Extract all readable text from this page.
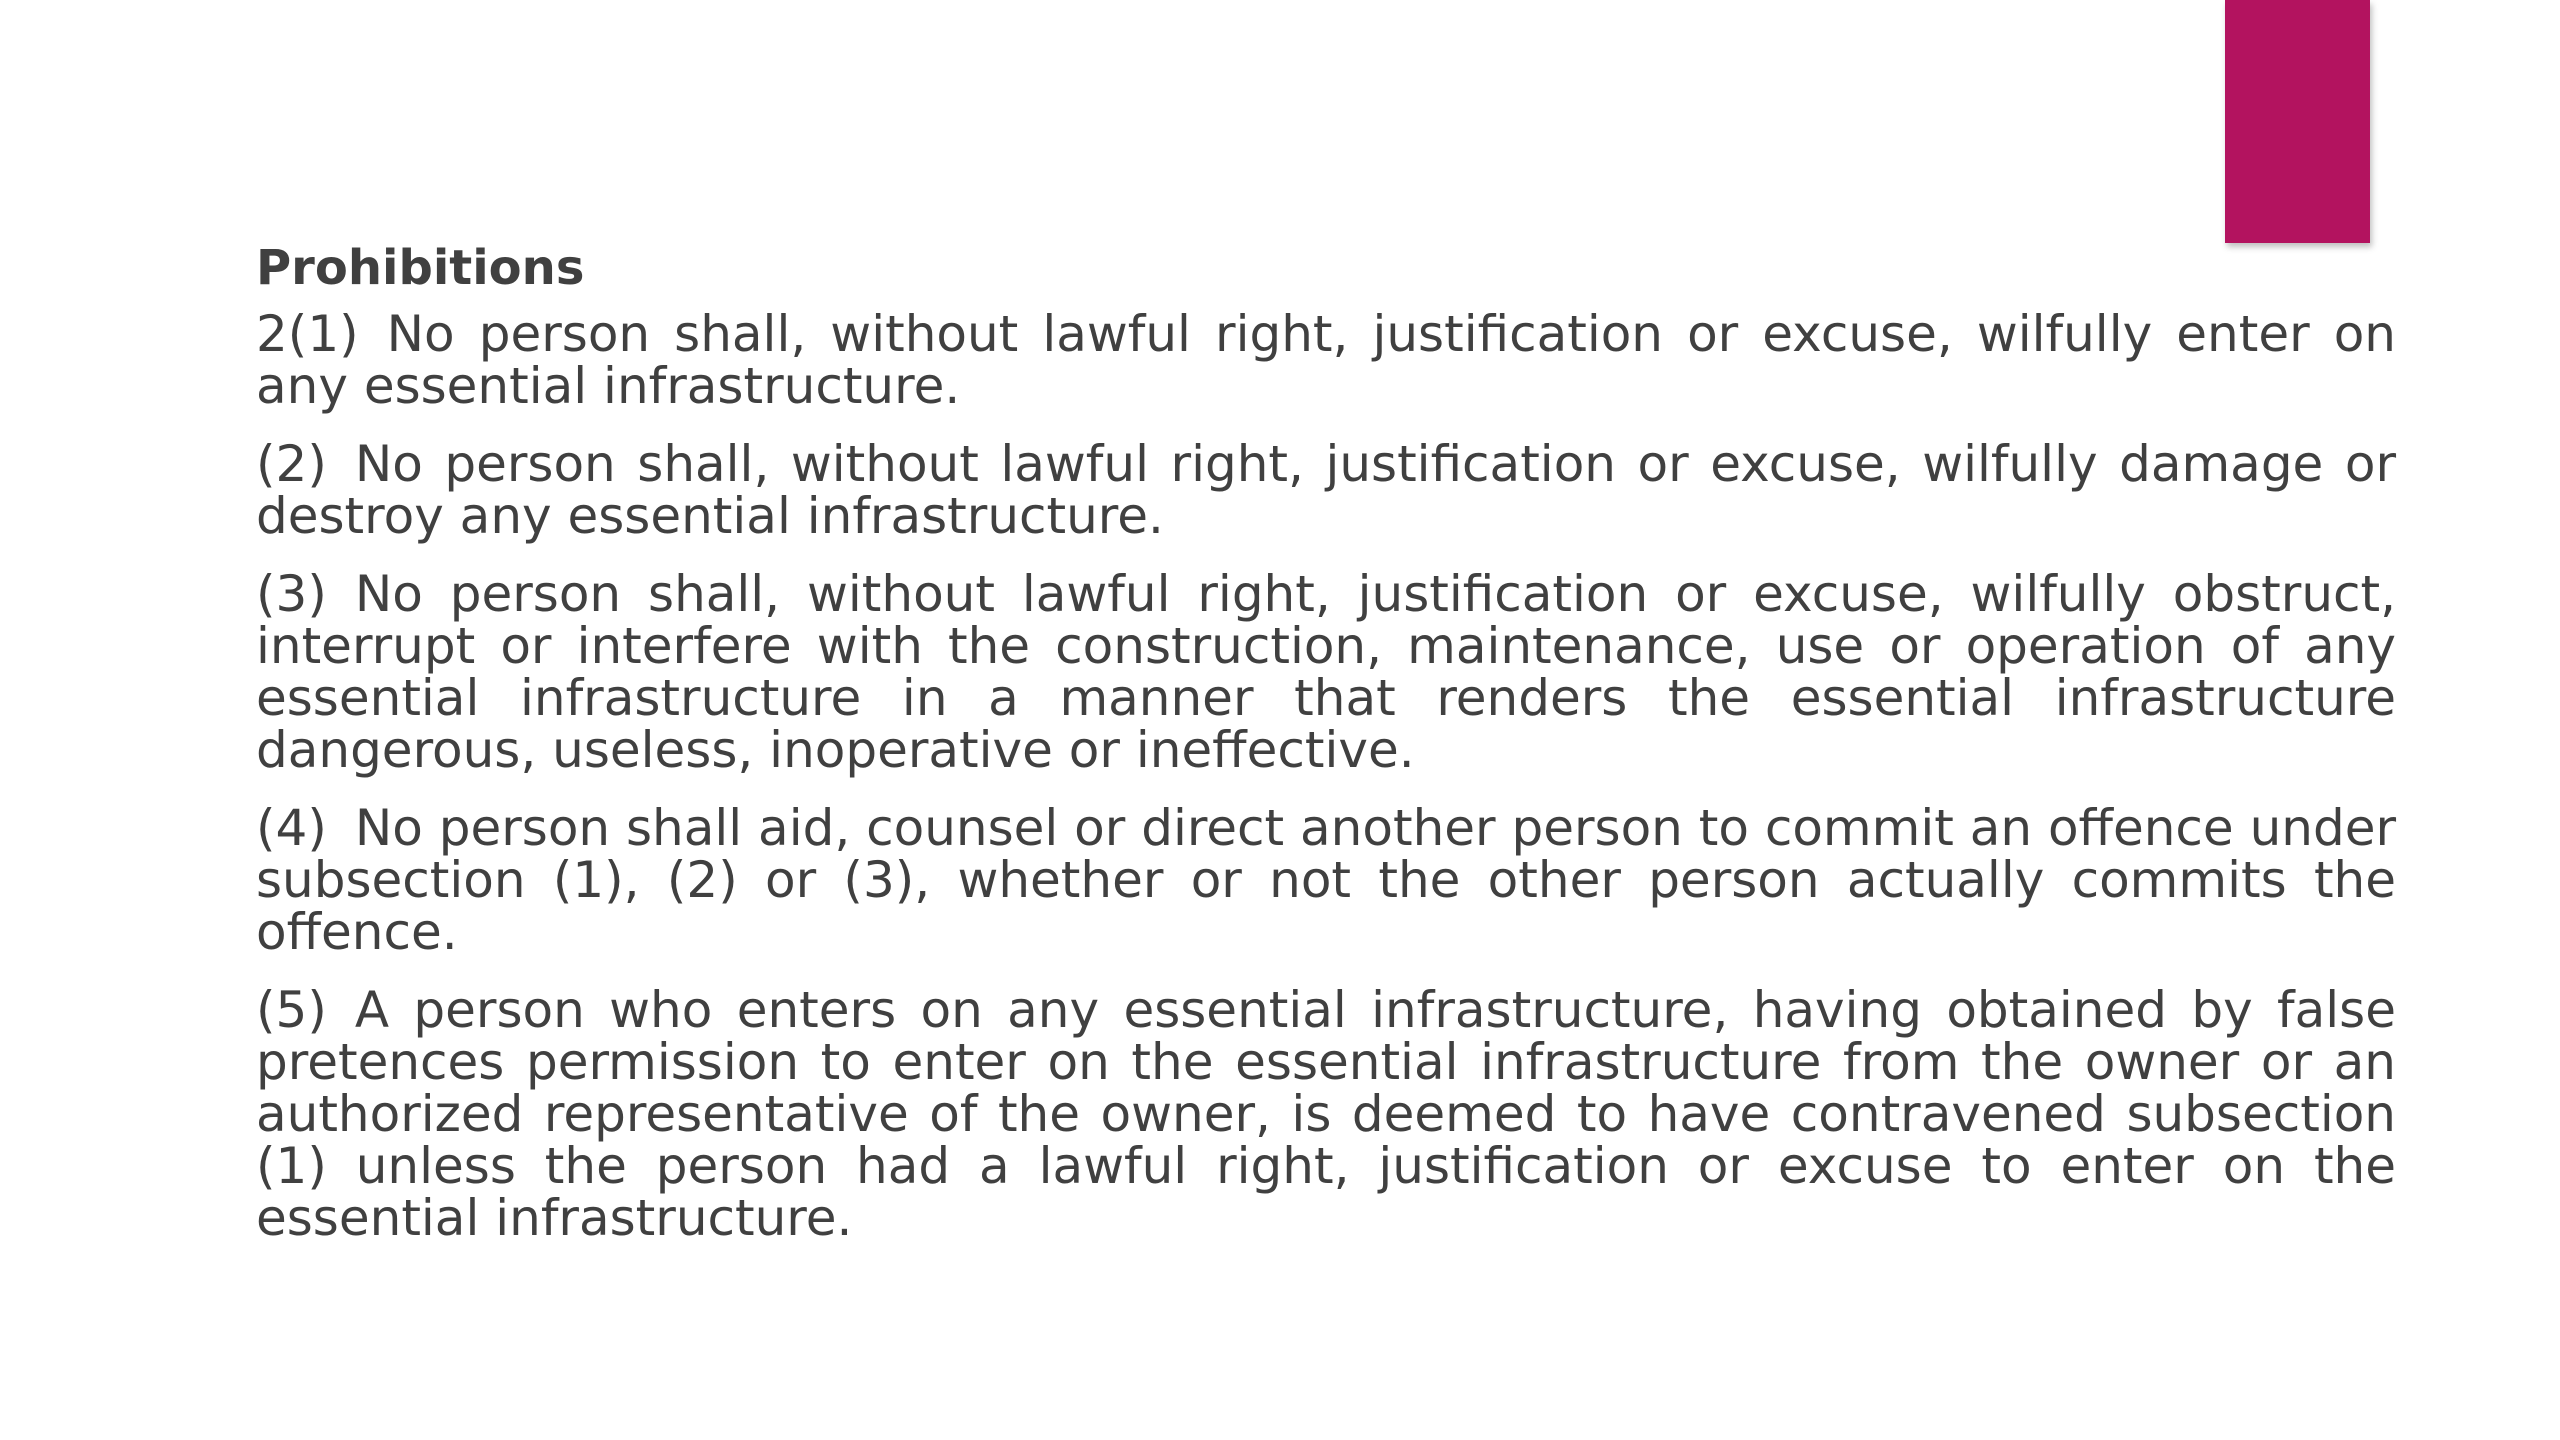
Prohibitions

2(1) No person shall, without lawful right, justification or excuse, wilfully enter on any essential infrastructure.

(2) No person shall, without lawful right, justification or excuse, wilfully damage or destroy any essential infrastructure.

(3) No person shall, without lawful right, justification or excuse, wilfully obstruct, interrupt or interfere with the construction, maintenance, use or operation of any essential infrastructure in a manner that renders the essential infrastructure dangerous, useless, inoperative or ineffective.

(4) No person shall aid, counsel or direct another person to commit an offence under subsection (1), (2) or (3), whether or not the other person actually commits the offence.

(5) A person who enters on any essential infrastructure, having obtained by false pretences permission to enter on the essential infrastructure from the owner or an authorized representative of the owner, is deemed to have contravened subsection (1) unless the person had a lawful right, justification or excuse to enter on the essential infrastructure.
